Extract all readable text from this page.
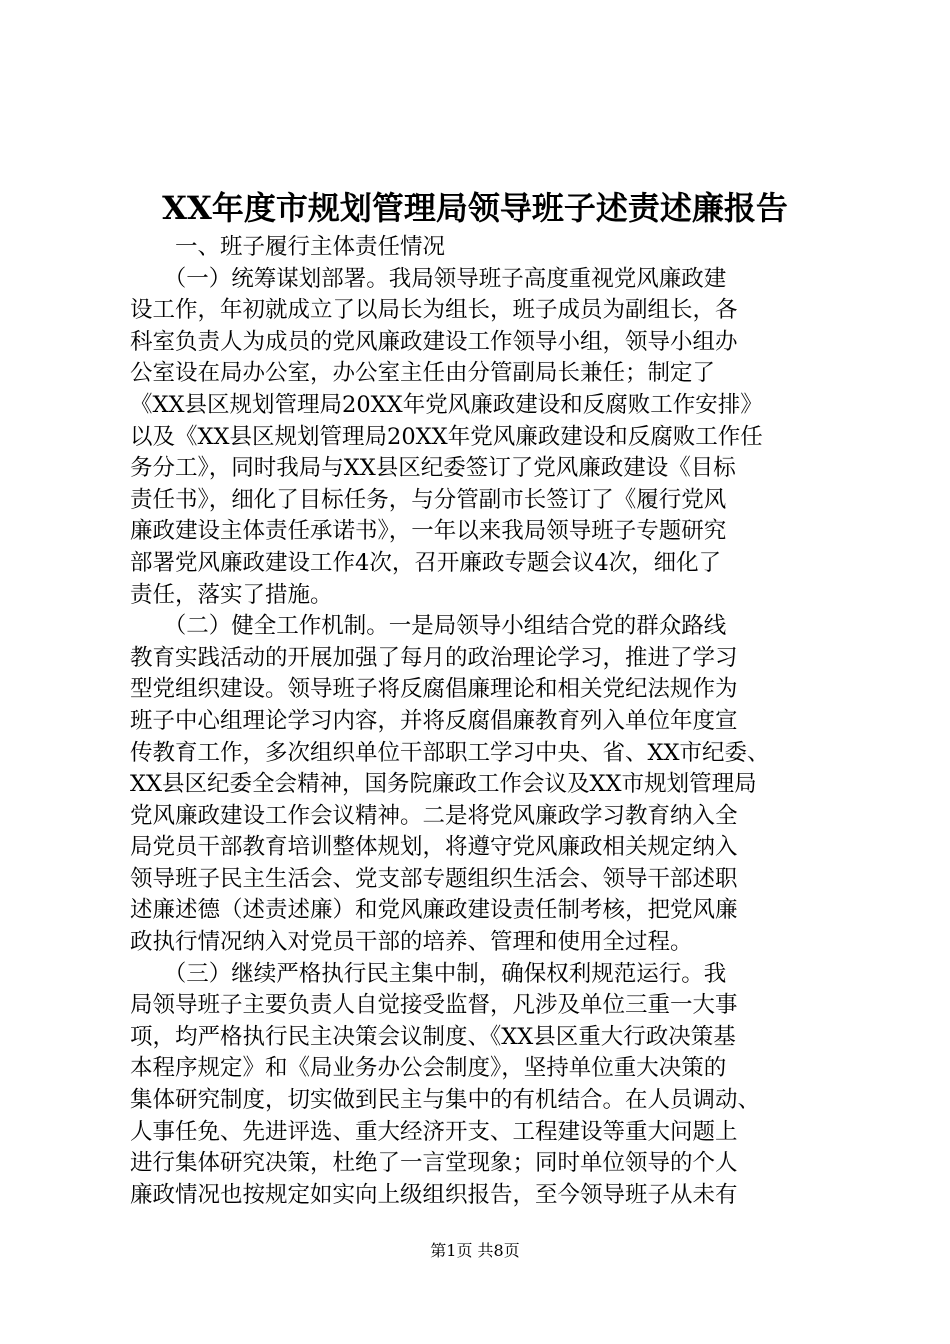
XX年度市规划管理局领导班子述责述廉报告
　　一、班子履行主体责任情况
　　（一）统筹谋划部署。我局领导班子高度重视党风廉政建
设工作，年初就成立了以局长为组长，班子成员为副组长，各
科室负责人为成员的党风廉政建设工作领导小组，领导小组办
公室设在局办公室，办公室主任由分管副局长兼任；制定了
《XX县区规划管理局20XX年党风廉政建设和反腐败工作安排》
以及《XX县区规划管理局20XX年党风廉政建设和反腐败工作任
务分工》，同时我局与XX县区纪委签订了党风廉政建设《目标
责任书》，细化了目标任务，与分管副市长签订了《履行党风
廉政建设主体责任承诺书》，一年以来我局领导班子专题研究
部署党风廉政建设工作4次，召开廉政专题会议4次，细化了
责任，落实了措施。
　　（二）健全工作机制。一是局领导小组结合党的群众路线
教育实践活动的开展加强了每月的政治理论学习，推进了学习
型党组织建设。领导班子将反腐倡廉理论和相关党纪法规作为
班子中心组理论学习内容，并将反腐倡廉教育列入单位年度宣
传教育工作，多次组织单位干部职工学习中央、省、XX市纪委、
XX县区纪委全会精神，国务院廉政工作会议及XX市规划管理局
党风廉政建设工作会议精神。二是将党风廉政学习教育纳入全
局党员干部教育培训整体规划，将遵守党风廉政相关规定纳入
领导班子民主生活会、党支部专题组织生活会、领导干部述职
述廉述德（述责述廉）和党风廉政建设责任制考核，把党风廉
政执行情况纳入对党员干部的培养、管理和使用全过程。
　　（三）继续严格执行民主集中制，确保权利规范运行。我
局领导班子主要负责人自觉接受监督，凡涉及单位三重一大事
项，均严格执行民主决策会议制度、《XX县区重大行政决策基
本程序规定》和《局业务办公会制度》，坚持单位重大决策的
集体研究制度，切实做到民主与集中的有机结合。在人员调动、
人事任免、先进评选、重大经济开支、工程建设等重大问题上
进行集体研究决策，杜绝了一言堂现象；同时单位领导的个人
廉政情况也按规定如实向上级组织报告，至今领导班子从未有
第1页 共8页
